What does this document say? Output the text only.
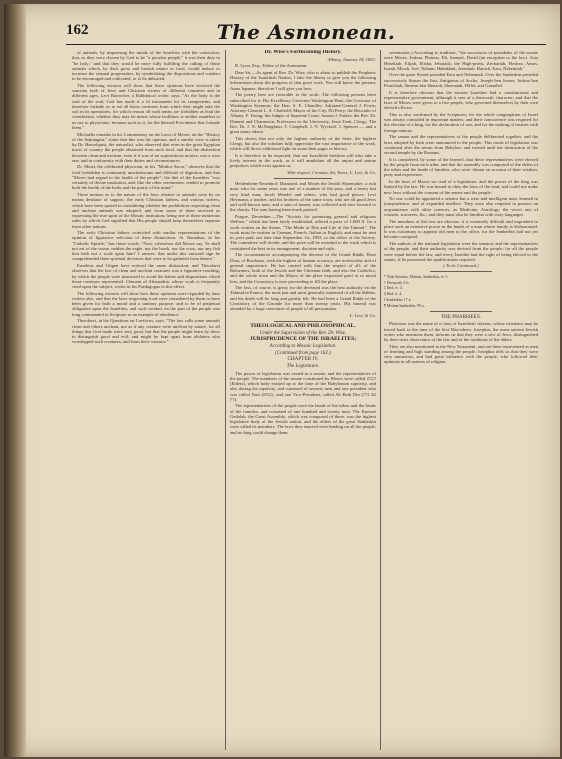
162	The Asmonean.

of animals, by impressing the minds of the Israelites with the conviction, that, as they were chosen by God to be "a peculiar people," it was their duty to "be holy;" and that they would be more fully fulfilling the calling of those animals which, by their gross and brutish nature or food, would induce or increase the sensual propensities, by symbolizing the dispositions and conduct to be encouraged and cultivated, or to be abhorred.

The following extracts will show that these opinions have received the sanction both of Jews and Christian writers of different countries and in different ages. Levi Barrocher, a Rabbinical writer, says, "As the body is the soul of the soul, God has made it a fit instrument for its components, and therefore forbade us to eat all those creatures from which they might take the soil in its operations; for which reason all such meats are forbidden as lead the constitution, whether they may be meats whose bodilines is neither manifest to us nor to physicians, because such as it, for the blessed Providence that forbade them."

Michaelis remarks in his Commentary on the Laws of Moses, on the "History of the Septuagint," states that this was the opinion; and a similar view is taken by Dr. Hasselquist, the naturalist, who observed that even in the great Egyptian tracts of country the people abstained from such food, and that the distinction between clean and unclean, even if it was of no superstitious motive, was a wise one, and in conformity with their duties and circumstances.

Dr. Mead, the celebrated physician, in his "Medica Sacra," observes that the food forbidden is commonly unwholesome and difficult of digestion, and that "Moses had regard to the health of the people"; the diet of the Israelites "was certainly of divine institution, and, like the other ceremonies, tended to promote both the health of the body and the purity of the mind."

These notions as to the nature of the laws relative to animals were by no means destitute of support, the early Christian fathers, and various writers, which have been quoted in considering whether the prohibition respecting clean and unclean animals was adopted, and from some of them received as expressing the true spirit of the Mosaic institution, being one of those numerous rules by which God signified that His people should keep themselves separate from other nations.

The early Christian fathers coincided with similar representations of the opinion of figurative selection of these distinctions. St. Barnabas, in his "Catholic Epistle," has these words: "Now, wherefore did Moses say, Ye shall not eat of the swine, neither the eagle, nor the hawk, nor the crow, nor any fish that hath not a scale upon him? I answer, that under this outward sign he comprehended three spiritual doctrines that were to be gathered from thence."

Eusebius and Origen have noticed the same distinction; and Theodoret observes that the law of clean and unclean creatures was a figurative teaching, by which the people were instructed to avoid the habits and dispositions which those creatures represented. Clement of Alexandria, whose work is frequently cited upon the subject, writes in his Paedagogus to this effect.

The following extracts will show how these opinions were regarded by later writers also, and that the laws respecting food were considered by them to have been given for both a moral and a sanitary purpose, and to be of perpetual obligation upon the Israelites; and such conduct on the part of the people was long commended in Scripture as an example of obedience.

Theodoret, in his Questions on Leviticus, says: "The law calls some animals clean and others unclean, not as if any creature were unclean by nature, for all things that God made were very good, but that the people might learn by these to distinguish good and evil, and might be kept apart from idolaters who worshipped such creatures, and from their customs."

Dr. Wise's Forthcoming History.

Albany, January 18, 1853.

R. Lyon, Esq., Editor of the Asmonean.

Dear Sir,—As agent of Rev. Dr. Wise, who is about to publish the Prophetic History of the Israelitish Nation, I take the liberty to give you the following information about the progress of that great work. You will know the present, Anno Ispanae, therefore I will give you how.

The poetry here are favorable to the work. The following persons have subscribed for it: His Excellency Governor Washington Hunt; the Governor of Washington Seymour; the Hon. S. E. Chandler; Adjutant-General J. Ferris; Attorney-General L. S. Chatfield; Mayor of the City, Eli Perry; the Recorder of Albany, F. Young; the Judges of Supreme Court, Amasa J. Parker; the Rev. Dr. Dimmit and Channavin; Professors in the University, Jesse Teatt, Clergy, The Rev. Dr. J. N. McNaughton, T. Campbell, J. N. Wyckoff, J. Spencer — and a great many others.

This shows that not only the highest authority of the State, the highest Clergy, but also the scholars fully appreciate the vast importance of the work, which will throw additional light on some dark pages in history.

It is therefore to be expected, that our Israelitish brethren will also take a lively interest in the work, as it will annihilate all the unjust and untrue prejudices which exist against us.

With respect, I remain, Sir, Yours, L. Levi, & Co.

Heidenheim-Neuenhof: Diamond, and Moses the Jewish Shoemaker; a rich man, who for some years was one of a number of the poor, and a heavy but very kind man; Jacob Mendel and others, who had good places; Levi Heymann, a teacher, and his brothers of the same town, who are all good Jews and well-known men; and a sum of money was collected and sent forward to the charity. The sum having been much praised.

Prague, December.—The "Society for promoting general and religious Welfare," which has been lately established, offered a prize of 1,000 fl. for a work written on the theme, "The Mode of Rite and Life of the Talmud." The work must be written in German, French, Italian or English, and must be sent in, post paid, not later than September 1st, 1853, to the office of the Society. The committee will decide, and the prize will be awarded to the work which is considered the best in its arrangement, doctrine and style.

The circumstances accompanying the decease of the Grand Rabbi, Rose Dina, of Bordeaux, with the highest of human accuracy, are noteworthy and of general importance. He has carried with him the respect of all; of the Reformers, both of the Jewish and the Christian faith, and also the Catholics; and the whole town and the Mayor of the place expressed grief at so much loss, and the Consistory is now proceeding to fill the place.

The loss, of course, is great; for the deceased was the best authority on the Talmud in France, the most just and most generally esteemed of all the Rabbis, and his death will be long and greatly felt. He had been a Grand Rabbi of the Consistory of the Gironde for more than twenty years. His funeral was attended by a large concourse of people of all persuasions.

L. Levi, & Co.

THEOLOGICAL AND PHILOSOPHICAL.

Under the Supervision of the Rev. Dr. Wise.

JURISPRUDENCE OF THE ISRAELITES;

According to Mosaic Legislation.

(Continued from page 162.)

CHAPTER IV.

The Legislature.

The power of legislation was vested in a senate, and the representatives of the people. The members of the senate constituted by Moses were called זקנים (Elders), which body existed up to the time of the Babylonian captivity, and also during the captivity, and consisted of seventy men and one president who was called Nasi (נשיא), and one Vice-President, called Ab Beth Din (אב בית דין).

The representatives of the people were the heads of the tribes and the heads of the families, and consisted of one hundred and twenty men. The Knesset Gedolah, the Great Assembly, which was composed of these, was the highest legislative body of the Jewish nation, and the elders of the great Sanhedrin were called its members. The laws they enacted were binding on all the people, and no king could change them.

ceremonies.) According to tradition, "the successors of presidents of the senate were Moses, Joshua, Phineas, Eli, Samuel, David (an exception to the law). Asia Hezekiah, Elijah, Elisha, Jehoiada, the High-priest, Zechariah, Hoshea, Amos, Isaiah, Micah, Joel, Nahum, Habakkuk, Jeremiah, Baruch, Ezra, Nehemiah."

Over the great Synod presided Ezra and Nehemiah. Over the Sanhedrin presided successively Simon the Just, Antigonus of Socho, Joseph ben Joezer, Joshua ben Perachiah, Simeon ben Shetach, Shemaiah, Hillel, and Gamaliel.

It is therefore obvious that the ancient Israelites had a constitutional and representative government, although it was of a theocratic character; and that the laws of Moses were given to a free people, who governed themselves by their own elected officers.

This is also confirmed by the Scriptures; for the whole congregation of Israel was always consulted in important matters, and their concurrence was required for the election of a king, for the declaration of war, and for the making of treaties with foreign nations.

The senate and the representatives of the people deliberated together, and the laws adopted by both were announced to the people. This mode of legislation was continued after the return from Babylon, and existed until the destruction of the second temple by the Romans.

It is considered, by some of the learned, that these representatives were elected by the people from each tribe; and that the assembly was composed of the elders of the tribes and the heads of families, who were chosen on account of their wisdom, piety and experience.

In the laws of Moses we read of a legislature, and the power of the king was limited by the law. He was bound to obey the laws of the land, and could not make new laws without the consent of the senate and the people.

No one could be appointed a senator but a wise and intelligent man, learned in jurisprudence, and of expanded intellect. They were also required to possess an acquaintance with other sciences, as Medicine, Astrology, the secret arts of wizards, sorcerers, &c.; and they must also be familiar with sixty languages.

The members of this law are obvious: it is extremely difficult and imprudent to place such an extensive power in the hands of a man whose family is dishonoured. It was customary to appoint old men to the office, for the Sanhedrin had not yet become corrupted.

The authors of the national legislation were the senators and the representatives of the people, and their authority was derived from the people; for all the people were equal before the law, and every Israelite had the right of being elected to the senate, if he possessed the qualifications required.

( To be Continued.)

* Yide Soterim; Mishna, Sanhedrin, iv. 5.

† Horayoth, 5 b.

‡ Ibid. iv. 3.

§ Ibid. ii. 4.

‖ Sanhedrin, 17 a.

¶ Mishna Sanhedrin, 99 a.

THE PHARISEES.

Pharisees was the name of a class of Israelitish citizens, whose existence may be traced back to the time of the first Maccabees. Josephus, the most ancient Jewish writer who mentions them, informs us that they were a sect of Jews, distinguished by their strict observance of the law and of the traditions of the elders.

They are also mentioned in the New Testament, and are there represented as men of learning and high standing among the people. Josephus tells us that they were very numerous, and had great influence with the people, who followed their opinions in all matters of religion.
